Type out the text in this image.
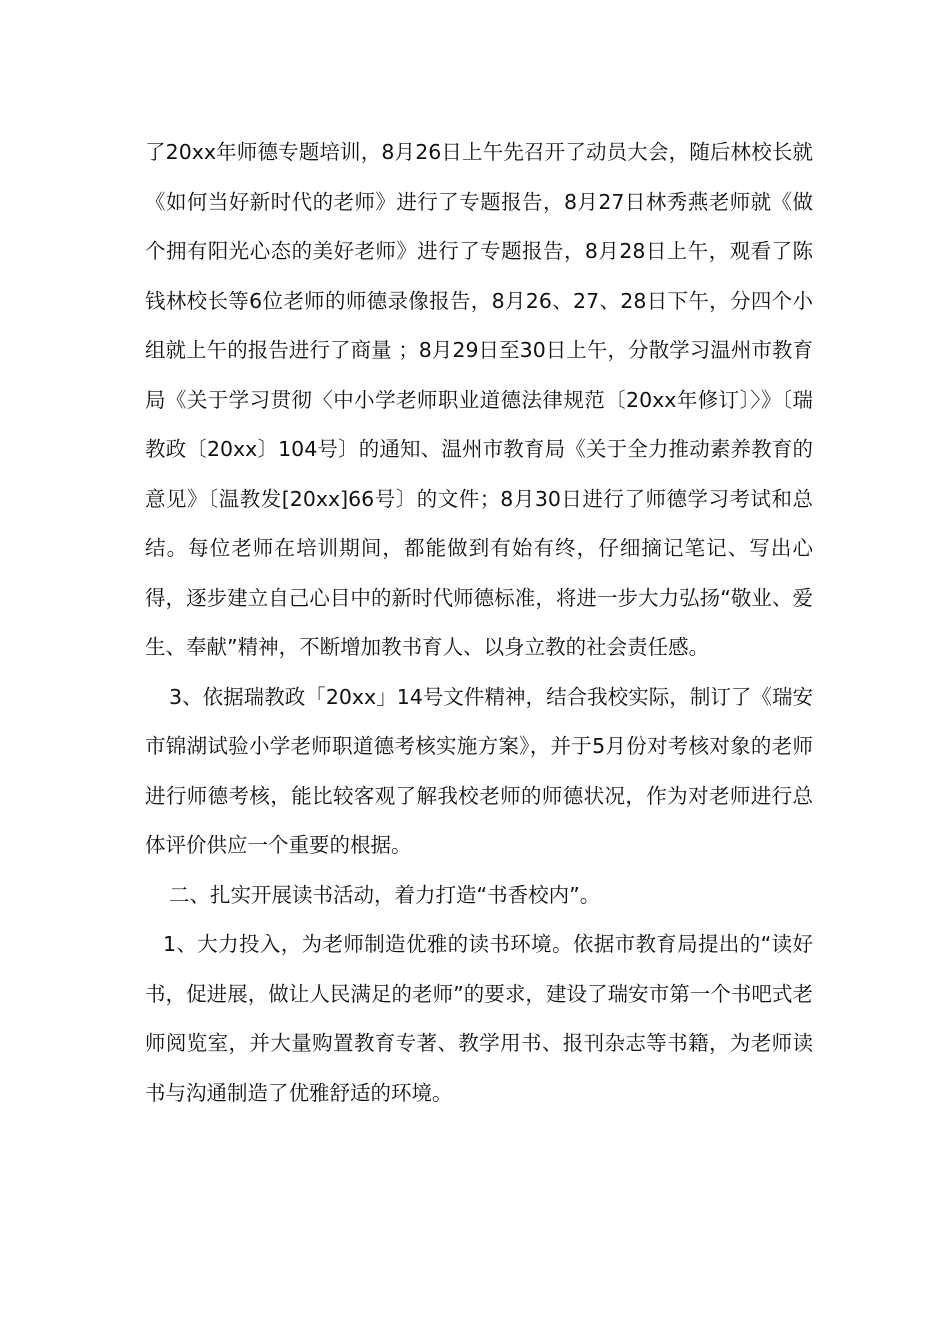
了20xx年师德专题培训，8月26日上午先召开了动员大会，随后林校长就《如何当好新时代的老师》进行了专题报告，8月27日林秀燕老师就《做个拥有阳光心态的美好老师》进行了专题报告，8月28日上午，观看了陈钱林校长等6位老师的师德录像报告，8月26、27、28日下午，分四个小组就上午的报告进行了商量 ；8月29日至30日上午，分散学习温州市教育局《关于学习贯彻〈中小学老师职业道德法律规范〔20xx年修订〕〉》〔瑞教政〔20xx〕104号〕的通知、温州市教育局《关于全力推动素养教育的意见》〔温教发[20xx]66号〕的文件；8月30日进行了师德学习考试和总结。每位老师在培训期间，都能做到有始有终，仔细摘记笔记、写出心得，逐步建立自己心目中的新时代师德标准，将进一步大力弘扬“敬业、爱生、奉献”精神，不断增加教书育人、以身立教的社会责任感。

3、依据瑞教政「20xx」14号文件精神，结合我校实际，制订了《瑞安市锦湖试验小学老师职道德考核实施方案》，并于5月份对考核对象的老师进行师德考核，能比较客观了解我校老师的师德状况，作为对老师进行总体评价供应一个重要的根据。

二、扎实开展读书活动，着力打造“书香校内”。

1、大力投入，为老师制造优雅的读书环境。依据市教育局提出的“读好书，促进展，做让人民满足的老师”的要求，建设了瑞安市第一个书吧式老师阅览室，并大量购置教育专著、教学用书、报刊杂志等书籍，为老师读书与沟通制造了优雅舒适的环境。
